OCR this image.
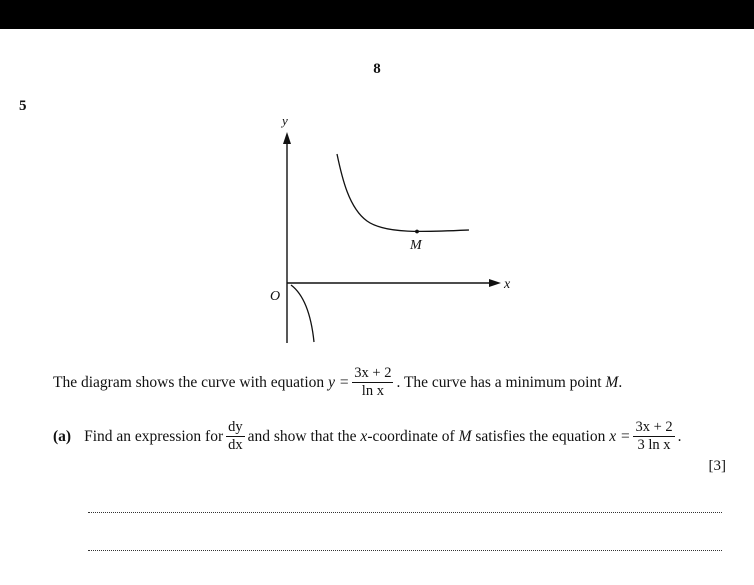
8
5
y
x
O
M
The diagram shows the curve with equation
$y = \frac{3x + 2}{\text{ln x}}$ . The curve has a minimum point
M .
(a) Find an expression for $\frac{dy}{dx}$ and show that the
x -coordinate of
M
satisfies the equation
$x = \frac{3x + 2}{\text{3 ln x}}$ .
[3]
